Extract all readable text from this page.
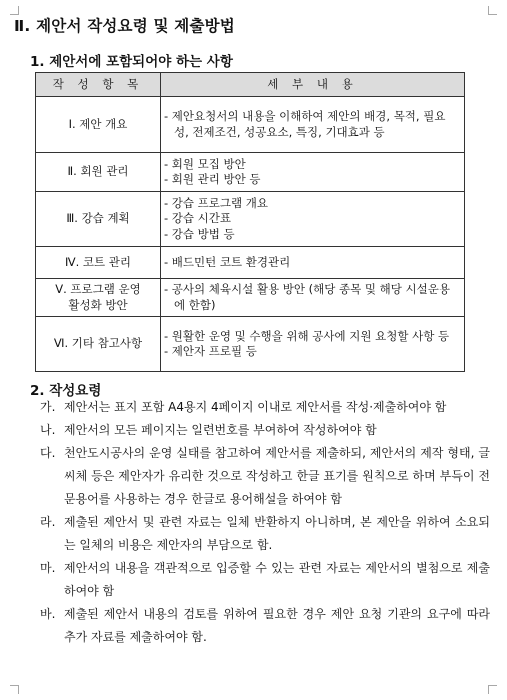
Ⅱ. 제안서 작성요령 및 제출방법
1. 제안서에 포함되어야 하는 사항
작 성 항 목	세 부 내 용
Ⅰ. 제안 개요	- 제안요청서의 내용을 이해하여 제안의 배경, 목적, 필요성, 전제조건, 성공요소, 특징, 기대효과 등

Ⅱ. 회원 관리	- 회원 모집 방안
- 회원 관리 방안 등

Ⅲ. 강습 계획	- 강습 프로그램 개요
- 강습 시간표
- 강습 방법 등

Ⅳ. 코트 관리	- 배드민턴 코트 환경관리

Ⅴ. 프로그램 운영
활성화 방안	- 공사의 체육시설 활용 방안 (해당 종목 및 해당 시설운용에 한함)

Ⅵ. 기타 참고사항	- 원활한 운영 및 수행을 위해 공사에 지원 요청할 사항 등
- 제안자 프로필 등
2. 작성요령
가. 제안서는 표지 포함 A4용지 4페이지 이내로 제안서를 작성·제출하여야 함
나. 제안서의 모든 페이지는 일련번호를 부여하여 작성하여야 함
다. 천안도시공사의 운영 실태를 참고하여 제안서를 제출하되, 제안서의 제작 형태, 글씨체 등은 제안자가 유리한 것으로 작성하고 한글 표기를 원칙으로 하며 부득이 전문용어를 사용하는 경우 한글로 용어해설을 하여야 함
라. 제출된 제안서 및 관련 자료는 일체 반환하지 아니하며, 본 제안을 위하여 소요되는 일체의 비용은 제안자의 부담으로 함.
마. 제안서의 내용을 객관적으로 입증할 수 있는 관련 자료는 제안서의 별첨으로 제출하여야 함
바. 제출된 제안서 내용의 검토를 위하여 필요한 경우 제안 요청 기관의 요구에 따라 추가 자료를 제출하여야 함.
